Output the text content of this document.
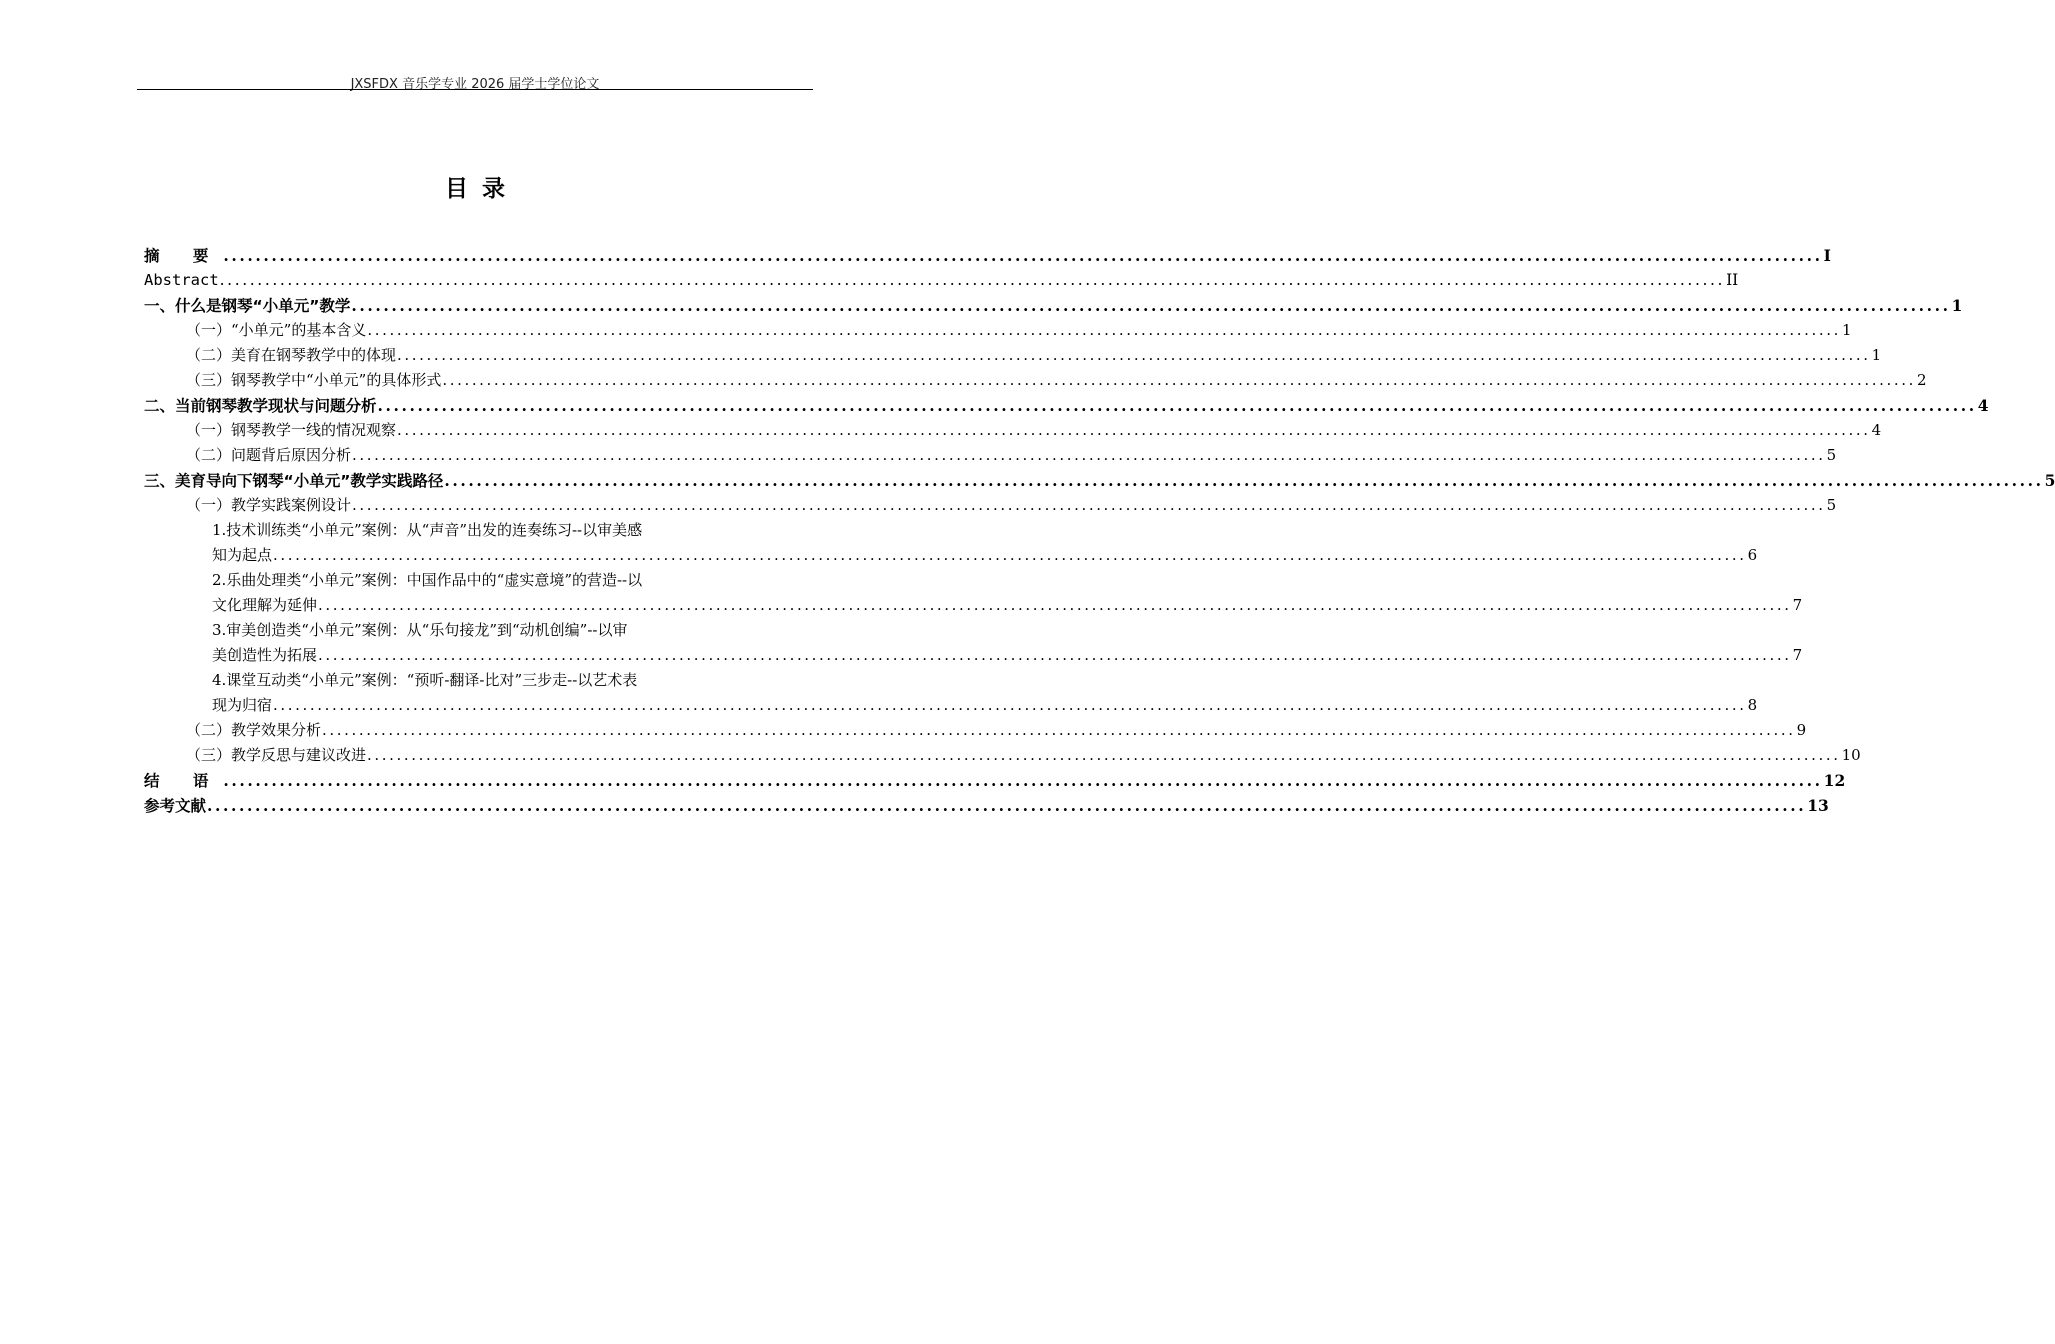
JXSFDX 音乐学专业 2026 届学士学位论文
目录
摘 要 ........................................................................................................................................................................................................ I
Abstract ........................................................................................................................................................................................................ II
一、什么是钢琴“小单元”教学 ........................................................................................................................................................................................................ 1
（一）“小单元”的基本含义 ........................................................................................................................................................................................................ 1
（二）美育在钢琴教学中的体现 ........................................................................................................................................................................................................ 1
（三）钢琴教学中“小单元”的具体形式 ........................................................................................................................................................................................................ 2
二、当前钢琴教学现状与问题分析 ........................................................................................................................................................................................................ 4
（一）钢琴教学一线的情况观察 ........................................................................................................................................................................................................ 4
（二）问题背后原因分析 ........................................................................................................................................................................................................ 5
三、美育导向下钢琴“小单元”教学实践路径 ........................................................................................................................................................................................................ 5
（一）教学实践案例设计 ........................................................................................................................................................................................................ 5
1.技术训练类“小单元”案例：从“声音”出发的连奏练习--以审美感
知为起点 ........................................................................................................................................................................................................ 6
2.乐曲处理类“小单元”案例：中国作品中的“虚实意境”的营造--以
文化理解为延伸 ........................................................................................................................................................................................................ 7
3.审美创造类“小单元”案例：从“乐句接龙”到“动机创编”--以审
美创造性为拓展 ........................................................................................................................................................................................................ 7
4.课堂互动类“小单元”案例：“预听-翻译-比对”三步走--以艺术表
现为归宿 ........................................................................................................................................................................................................ 8
（二）教学效果分析 ........................................................................................................................................................................................................ 9
（三）教学反思与建议改进 ........................................................................................................................................................................................................ 10
结 语 ........................................................................................................................................................................................................ 12
参考文献 ........................................................................................................................................................................................................ 13
